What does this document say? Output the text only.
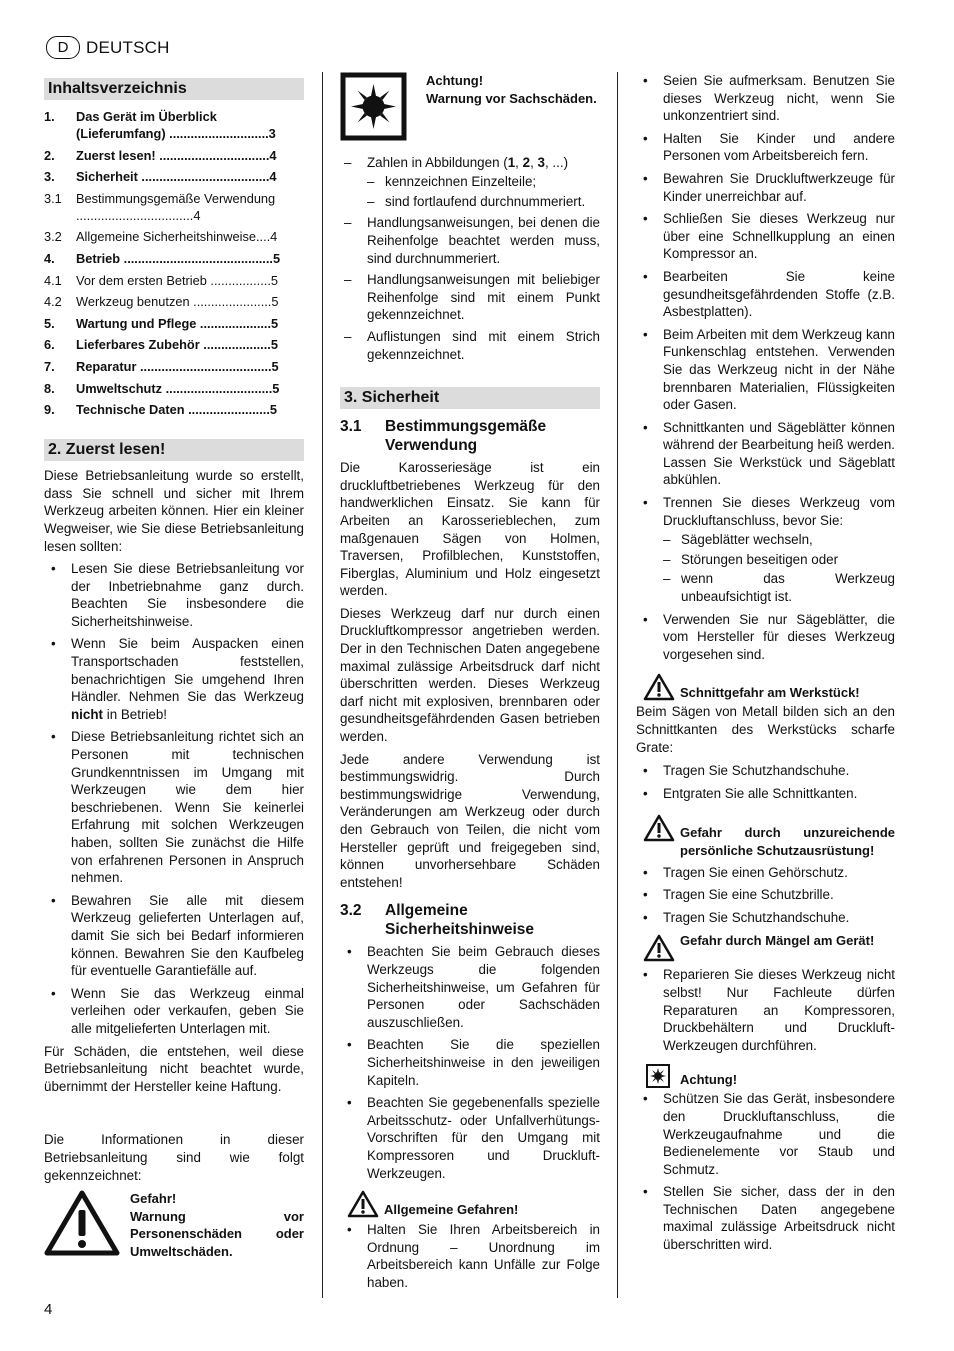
D	DEUTSCH
Inhaltsverzeichnis
1.	Das Gerät im Überblick (Lieferumfang) ............................3
2.	Zuerst lesen! ...............................4
3.	Sicherheit ....................................4
3.1	Bestimmungsgemäße Verwendung .................................4
3.2	Allgemeine Sicherheitshinweise....4
4.	Betrieb ..........................................5
4.1	Vor dem ersten Betrieb .................5
4.2	Werkzeug benutzen ......................5
5.	Wartung und Pflege ....................5
6.	Lieferbares Zubehör ...................5
7.	Reparatur .....................................5
8.	Umweltschutz ..............................5
9.	Technische Daten .......................5
2. Zuerst lesen!

Diese Betriebsanleitung wurde so erstellt, dass Sie schnell und sicher mit Ihrem Werkzeug arbeiten können. Hier ein kleiner Wegweiser, wie Sie diese Betriebsanleitung lesen sollten:

• Lesen Sie diese Betriebsanleitung vor der Inbetriebnahme ganz durch. Beachten Sie insbesondere die Sicherheitshinweise.
• Wenn Sie beim Auspacken einen Transportschaden feststellen, benachrichtigen Sie umgehend Ihren Händler. Nehmen Sie das Werkzeug nicht in Betrieb!
• Diese Betriebsanleitung richtet sich an Personen mit technischen Grundkenntnissen im Umgang mit Werkzeugen wie dem hier beschriebenen. Wenn Sie keinerlei Erfahrung mit solchen Werkzeugen haben, sollten Sie zunächst die Hilfe von erfahrenen Personen in Anspruch nehmen.
• Bewahren Sie alle mit diesem Werkzeug gelieferten Unterlagen auf, damit Sie sich bei Bedarf informieren können. Bewahren Sie den Kaufbeleg für eventuelle Garantiefälle auf.
• Wenn Sie das Werkzeug einmal verleihen oder verkaufen, geben Sie alle mitgelieferten Unterlagen mit.

Für Schäden, die entstehen, weil diese Betriebsanleitung nicht beachtet wurde, übernimmt der Hersteller keine Haftung.

Die Informationen in dieser Betriebsanleitung sind wie folgt gekennzeichnet:

Gefahr!

Warnung vor Personenschäden oder Umweltschäden.

Achtung!

Warnung vor Sachschäden.

– Zahlen in Abbildungen (1, 2, 3, ...)
– kennzeichnen Einzelteile;
– sind fortlaufend durchnummeriert.
– Handlungsanweisungen, bei denen die Reihenfolge beachtet werden muss, sind durchnummeriert.
– Handlungsanweisungen mit beliebiger Reihenfolge sind mit einem Punkt gekennzeichnet.
– Auflistungen sind mit einem Strich gekennzeichnet.
3. Sicherheit
3.1	Bestimmungsgemäße Verwendung

Die Karosseriesäge ist ein druckluftbetriebenes Werkzeug für den handwerklichen Einsatz. Sie kann für Arbeiten an Karosserieblechen, zum maßgenauen Sägen von Holmen, Traversen, Profilblechen, Kunststoffen, Fiberglas, Aluminium und Holz eingesetzt werden.

Dieses Werkzeug darf nur durch einen Druckluftkompressor angetrieben werden. Der in den Technischen Daten angegebene maximal zulässige Arbeitsdruck darf nicht überschritten werden. Dieses Werkzeug darf nicht mit explosiven, brennbaren oder gesundheitsgefährdenden Gasen betrieben werden.

Jede andere Verwendung ist bestimmungswidrig. Durch bestimmungswidrige Verwendung, Veränderungen am Werkzeug oder durch den Gebrauch von Teilen, die nicht vom Hersteller geprüft und freigegeben sind, können unvorhersehbare Schäden entstehen!

3.2	Allgemeine Sicherheitshinweise
• Beachten Sie beim Gebrauch dieses Werkzeugs die folgenden Sicherheitshinweise, um Gefahren für Personen oder Sachschäden auszuschließen.
• Beachten Sie die speziellen Sicherheitshinweise in den jeweiligen Kapiteln.
• Beachten Sie gegebenenfalls spezielle Arbeitsschutz- oder Unfallverhütungs-Vorschriften für den Umgang mit Kompressoren und Druckluft-Werkzeugen.
Allgemeine Gefahren!
• Halten Sie Ihren Arbeitsbereich in Ordnung – Unordnung im Arbeitsbereich kann Unfälle zur Folge haben.
• Seien Sie aufmerksam. Benutzen Sie dieses Werkzeug nicht, wenn Sie unkonzentriert sind.
• Halten Sie Kinder und andere Personen vom Arbeitsbereich fern.
• Bewahren Sie Druckluftwerkzeuge für Kinder unerreichbar auf.
• Schließen Sie dieses Werkzeug nur über eine Schnellkupplung an einen Kompressor an.
• Bearbeiten Sie keine gesundheitsgefährdenden Stoffe (z.B. Asbestplatten).
• Beim Arbeiten mit dem Werkzeug kann Funkenschlag entstehen. Verwenden Sie das Werkzeug nicht in der Nähe brennbaren Materialien, Flüssigkeiten oder Gasen.
• Schnittkanten und Sägeblätter können während der Bearbeitung heiß werden. Lassen Sie Werkstück und Sägeblatt abkühlen.
• Trennen Sie dieses Werkzeug vom Druckluftanschluss, bevor Sie:
– Sägeblätter wechseln,
– Störungen beseitigen oder
– wenn das Werkzeug unbeaufsichtigt ist.
• Verwenden Sie nur Sägeblätter, die vom Hersteller für dieses Werkzeug vorgesehen sind.
Schnittgefahr am Werkstück!

Beim Sägen von Metall bilden sich an den Schnittkanten des Werkstücks scharfe Grate:

• Tragen Sie Schutzhandschuhe.
• Entgraten Sie alle Schnittkanten.
Gefahr durch unzureichende persönliche Schutzausrüstung!
• Tragen Sie einen Gehörschutz.
• Tragen Sie eine Schutzbrille.
• Tragen Sie Schutzhandschuhe.
Gefahr durch Mängel am Gerät!
• Reparieren Sie dieses Werkzeug nicht selbst! Nur Fachleute dürfen Reparaturen an Kompressoren, Druckbehältern und Druckluft-Werkzeugen durchführen.
Achtung!
• Schützen Sie das Gerät, insbesondere den Druckluftanschluss, die Werkzeugaufnahme und die Bedienelemente vor Staub und Schmutz.
• Stellen Sie sicher, dass der in den Technischen Daten angegebene maximal zulässige Arbeitsdruck nicht überschritten wird.
4
